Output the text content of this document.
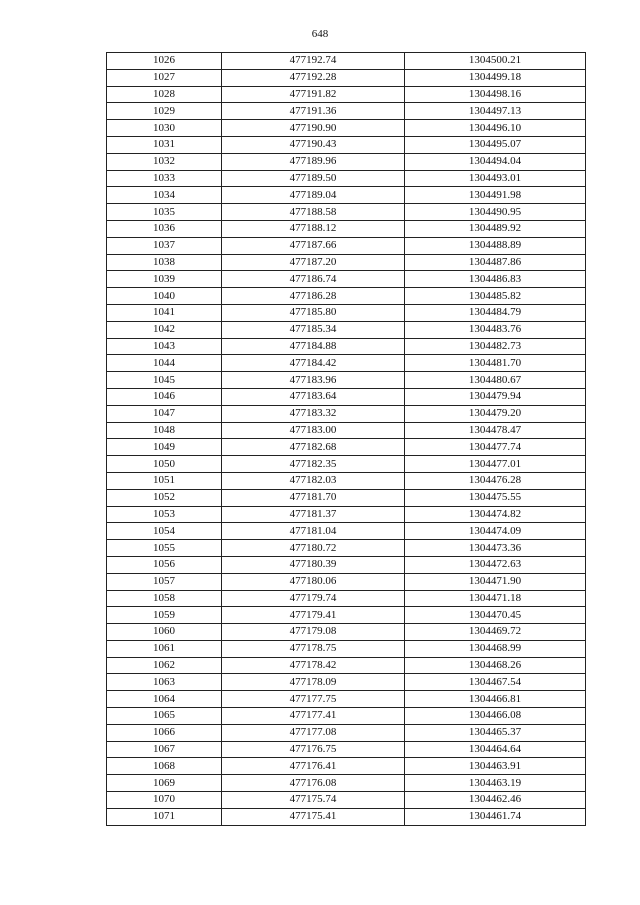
648
1026	477192.74	1304500.21
1027	477192.28	1304499.18
1028	477191.82	1304498.16
1029	477191.36	1304497.13
1030	477190.90	1304496.10
1031	477190.43	1304495.07
1032	477189.96	1304494.04
1033	477189.50	1304493.01
1034	477189.04	1304491.98
1035	477188.58	1304490.95
1036	477188.12	1304489.92
1037	477187.66	1304488.89
1038	477187.20	1304487.86
1039	477186.74	1304486.83
1040	477186.28	1304485.82
1041	477185.80	1304484.79
1042	477185.34	1304483.76
1043	477184.88	1304482.73
1044	477184.42	1304481.70
1045	477183.96	1304480.67
1046	477183.64	1304479.94
1047	477183.32	1304479.20
1048	477183.00	1304478.47
1049	477182.68	1304477.74
1050	477182.35	1304477.01
1051	477182.03	1304476.28
1052	477181.70	1304475.55
1053	477181.37	1304474.82
1054	477181.04	1304474.09
1055	477180.72	1304473.36
1056	477180.39	1304472.63
1057	477180.06	1304471.90
1058	477179.74	1304471.18
1059	477179.41	1304470.45
1060	477179.08	1304469.72
1061	477178.75	1304468.99
1062	477178.42	1304468.26
1063	477178.09	1304467.54
1064	477177.75	1304466.81
1065	477177.41	1304466.08
1066	477177.08	1304465.37
1067	477176.75	1304464.64
1068	477176.41	1304463.91
1069	477176.08	1304463.19
1070	477175.74	1304462.46
1071	477175.41	1304461.74
